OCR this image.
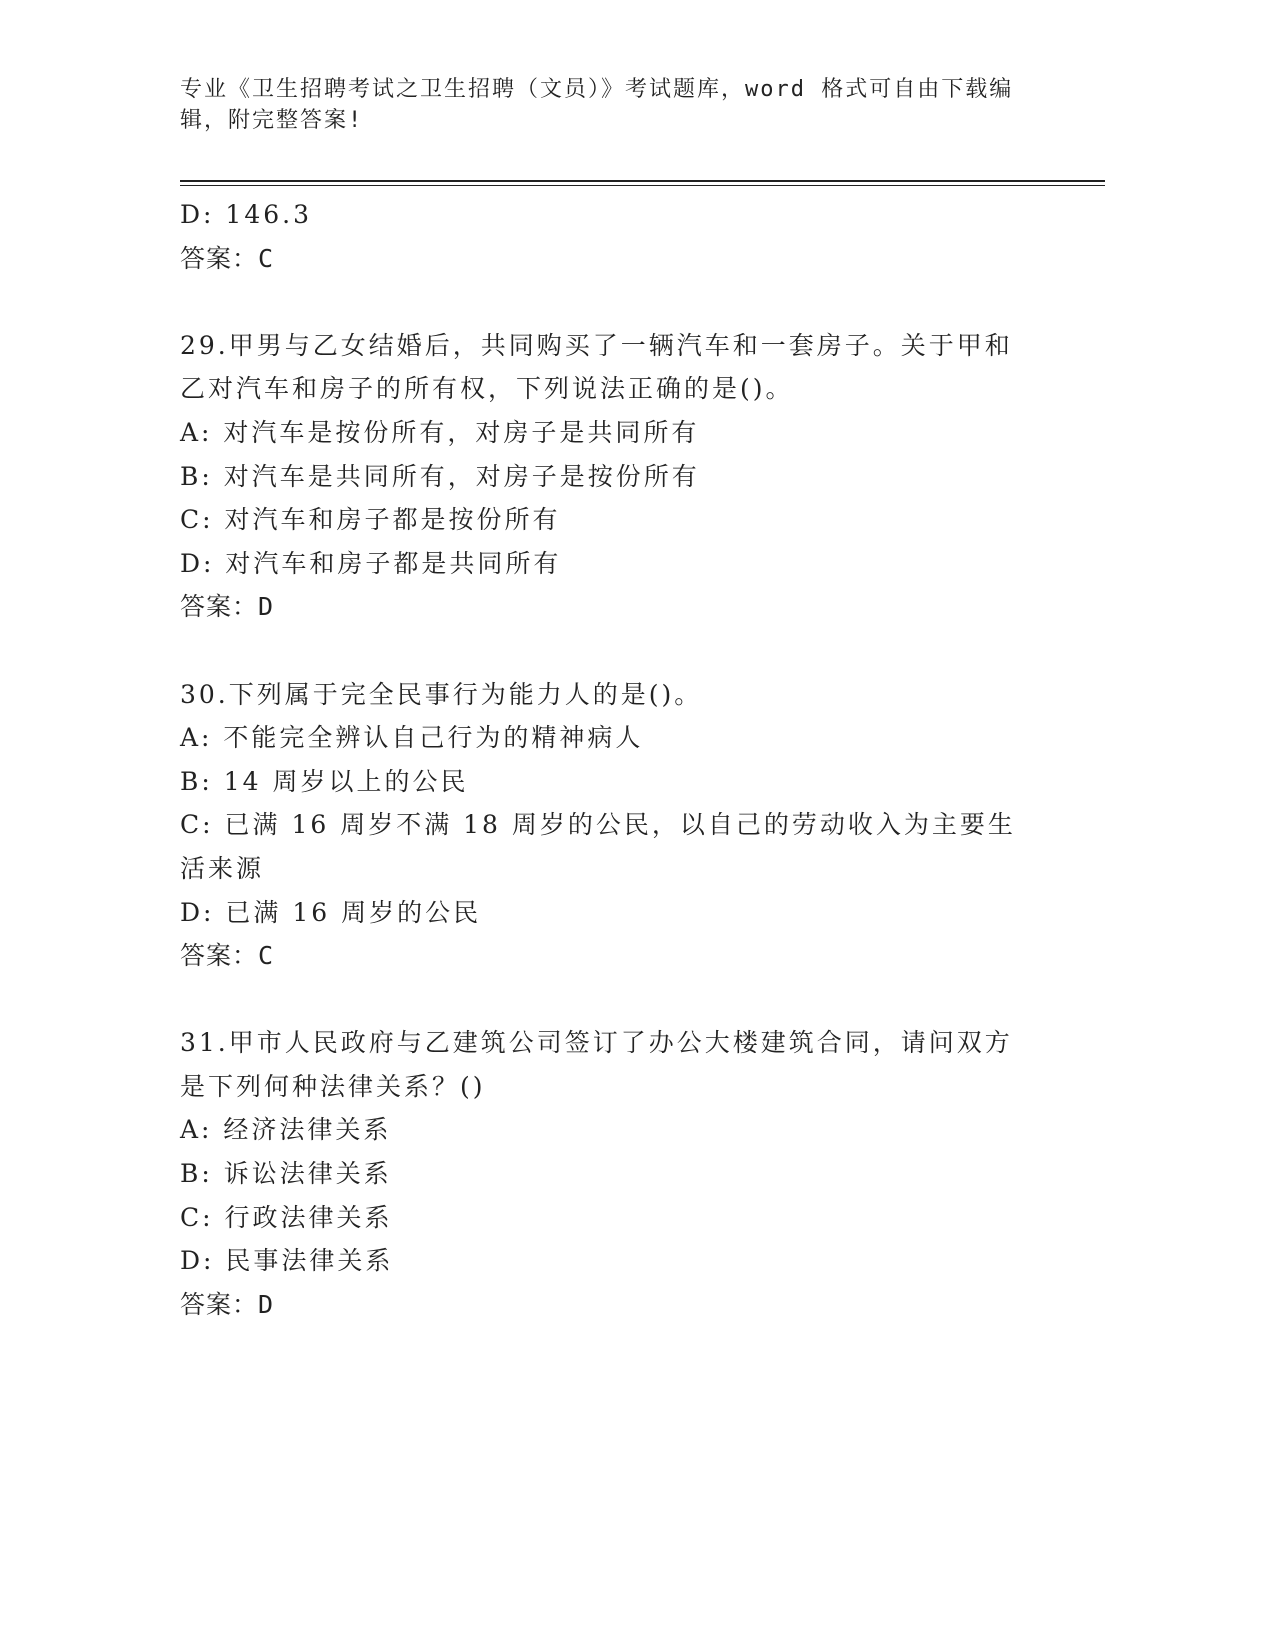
专业《卫生招聘考试之卫生招聘（文员）》考试题库，word 格式可自由下载编辑，附完整答案!
D: 146.3
答案：C
29.甲男与乙女结婚后，共同购买了一辆汽车和一套房子。关于甲和乙对汽车和房子的所有权，下列说法正确的是()。
A: 对汽车是按份所有，对房子是共同所有
B: 对汽车是共同所有，对房子是按份所有
C: 对汽车和房子都是按份所有
D: 对汽车和房子都是共同所有
答案：D
30.下列属于完全民事行为能力人的是()。
A: 不能完全辨认自己行为的精神病人
B: 14 周岁以上的公民
C: 已满 16 周岁不满 18 周岁的公民，以自己的劳动收入为主要生活来源
D: 已满 16 周岁的公民
答案：C
31.甲市人民政府与乙建筑公司签订了办公大楼建筑合同，请问双方是下列何种法律关系？()
A: 经济法律关系
B: 诉讼法律关系
C: 行政法律关系
D: 民事法律关系
答案：D
